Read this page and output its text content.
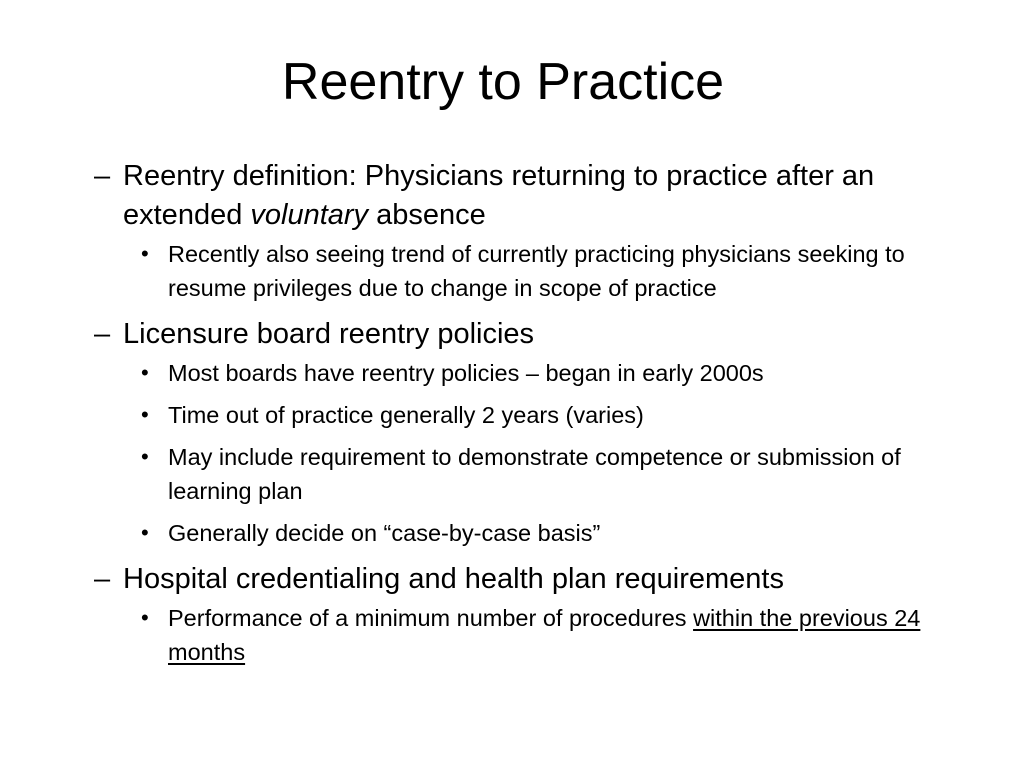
Reentry to Practice
– Reentry definition: Physicians returning to practice after an extended voluntary absence
• Recently also seeing trend of currently practicing physicians seeking to resume privileges due to change in scope of practice
– Licensure board reentry policies
• Most boards have reentry policies – began in early 2000s
• Time out of practice generally 2 years (varies)
• May include requirement to demonstrate competence or submission of learning plan
• Generally decide on “case-by-case basis”
– Hospital credentialing and health plan requirements
• Performance of a minimum number of procedures within the previous 24 months
